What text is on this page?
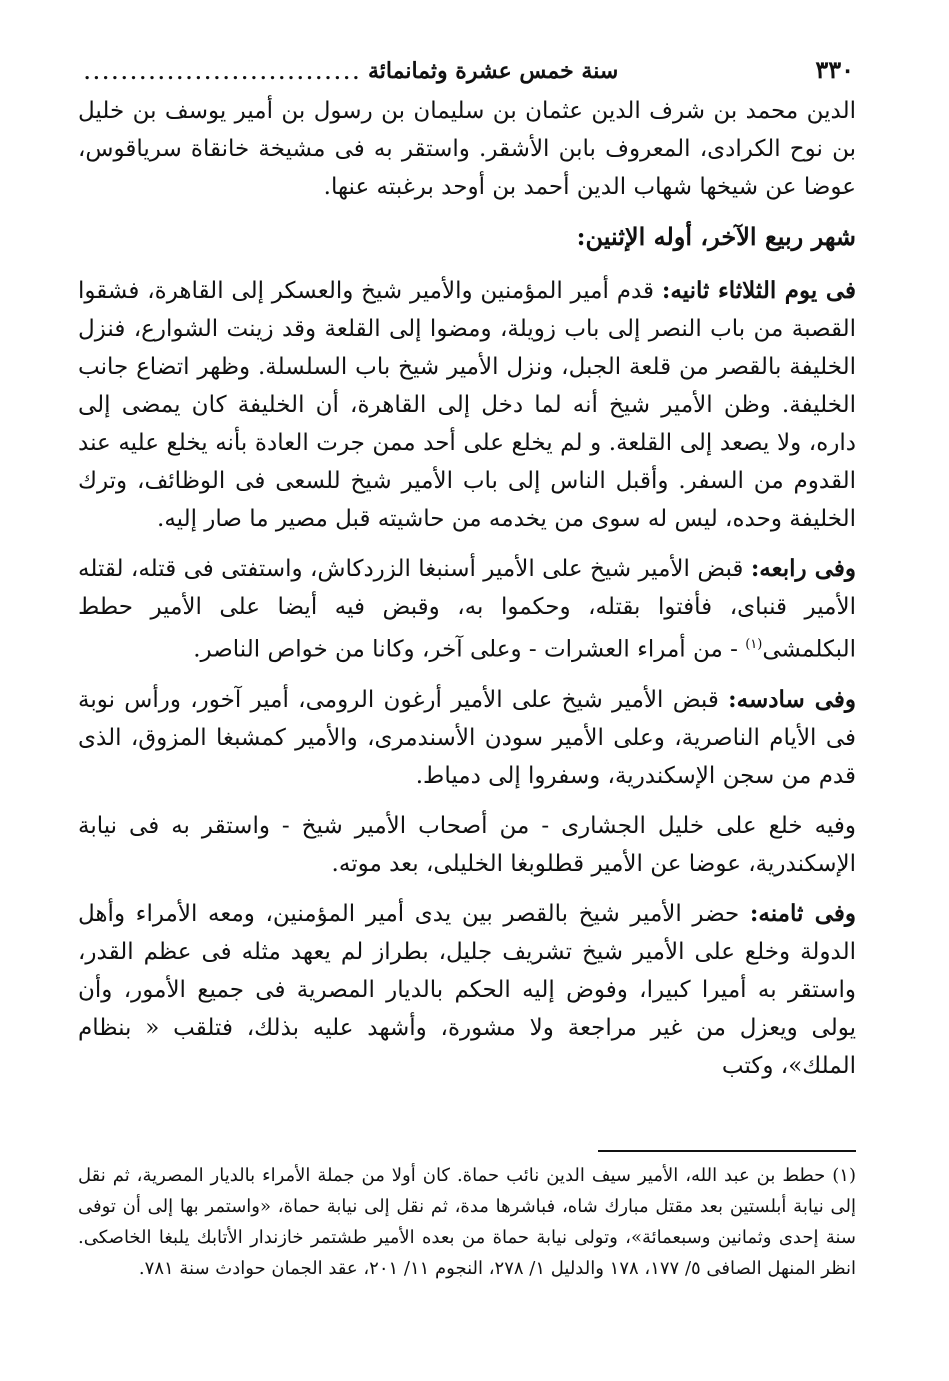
٣٣٠
سنة خمس عشرة وثمانمائة
..............................

الدين محمد بن شرف الدين عثمان بن سليمان بن رسول بن أمير يوسف بن خليل بن نوح الكرادى، المعروف بابن الأشقر. واستقر به فى مشيخة خانقاة سرياقوس، عوضا عن شيخها شهاب الدين أحمد بن أوحد برغبته عنها.

شهر ربيع الآخر، أوله الإثنين:

فى يوم الثلاثاء ثانيه: قدم أمير المؤمنين والأمير شيخ والعسكر إلى القاهرة، فشقوا القصبة من باب النصر إلى باب زويلة، ومضوا إلى القلعة وقد زينت الشوارع، فنزل الخليفة بالقصر من قلعة الجبل، ونزل الأمير شيخ باب السلسلة. وظهر اتضاع جانب الخليفة. وظن الأمير شيخ أنه لما دخل إلى القاهرة، أن الخليفة كان يمضى إلى داره، ولا يصعد إلى القلعة. و لم يخلع على أحد ممن جرت العادة بأنه يخلع عليه عند القدوم من السفر. وأقبل الناس إلى باب الأمير شيخ للسعى فى الوظائف، وترك الخليفة وحده، ليس له سوى من يخدمه من حاشيته قبل مصير ما صار إليه.

وفى رابعه: قبض الأمير شيخ على الأمير أسنبغا الزردكاش، واستفتى فى قتله، لقتله الأمير قنباى، فأفتوا بقتله، وحكموا به، وقبض فيه أيضا على الأمير حطط البكلمشى$^{(١)}$ - من أمراء العشرات - وعلى آخر، وكانا من خواص الناصر.

وفى سادسه: قبض الأمير شيخ على الأمير أرغون الرومى، أمير آخور، ورأس نوبة فى الأيام الناصرية، وعلى الأمير سودن الأسندمرى، والأمير كمشبغا المزوق، الذى قدم من سجن الإسكندرية، وسفروا إلى دمياط.

وفيه خلع على خليل الجشارى - من أصحاب الأمير شيخ - واستقر به فى نيابة الإسكندرية، عوضا عن الأمير قطلوبغا الخليلى، بعد موته.

وفى ثامنه: حضر الأمير شيخ بالقصر بين يدى أمير المؤمنين، ومعه الأمراء وأهل الدولة وخلع على الأمير شيخ تشريف جليل، بطراز لم يعهد مثله فى عظم القدر، واستقر به أميرا كبيرا، وفوض إليه الحكم بالديار المصرية فى جميع الأمور، وأن يولى ويعزل من غير مراجعة ولا مشورة، وأشهد عليه بذلك، فتلقب « بنظام الملك»، وكتب

(١) حطط بن عبد الله، الأمير سيف الدين نائب حماة. كان أولا من جملة الأمراء بالديار المصرية، ثم نقل إلى نيابة أبلستين بعد مقتل مبارك شاه، فباشرها مدة، ثم نقل إلى نيابة حماة، «واستمر بها إلى أن توفى سنة إحدى وثمانين وسبعمائة»، وتولى نيابة حماة من بعده الأمير طشتمر خازندار الأتابك يلبغا الخاصكى. انظر المنهل الصافى ٥/ ١٧٧، ١٧٨ والدليل ١/ ٢٧٨، النجوم ١١/ ٢٠١، عقد الجمان حوادث سنة ٧٨١.
